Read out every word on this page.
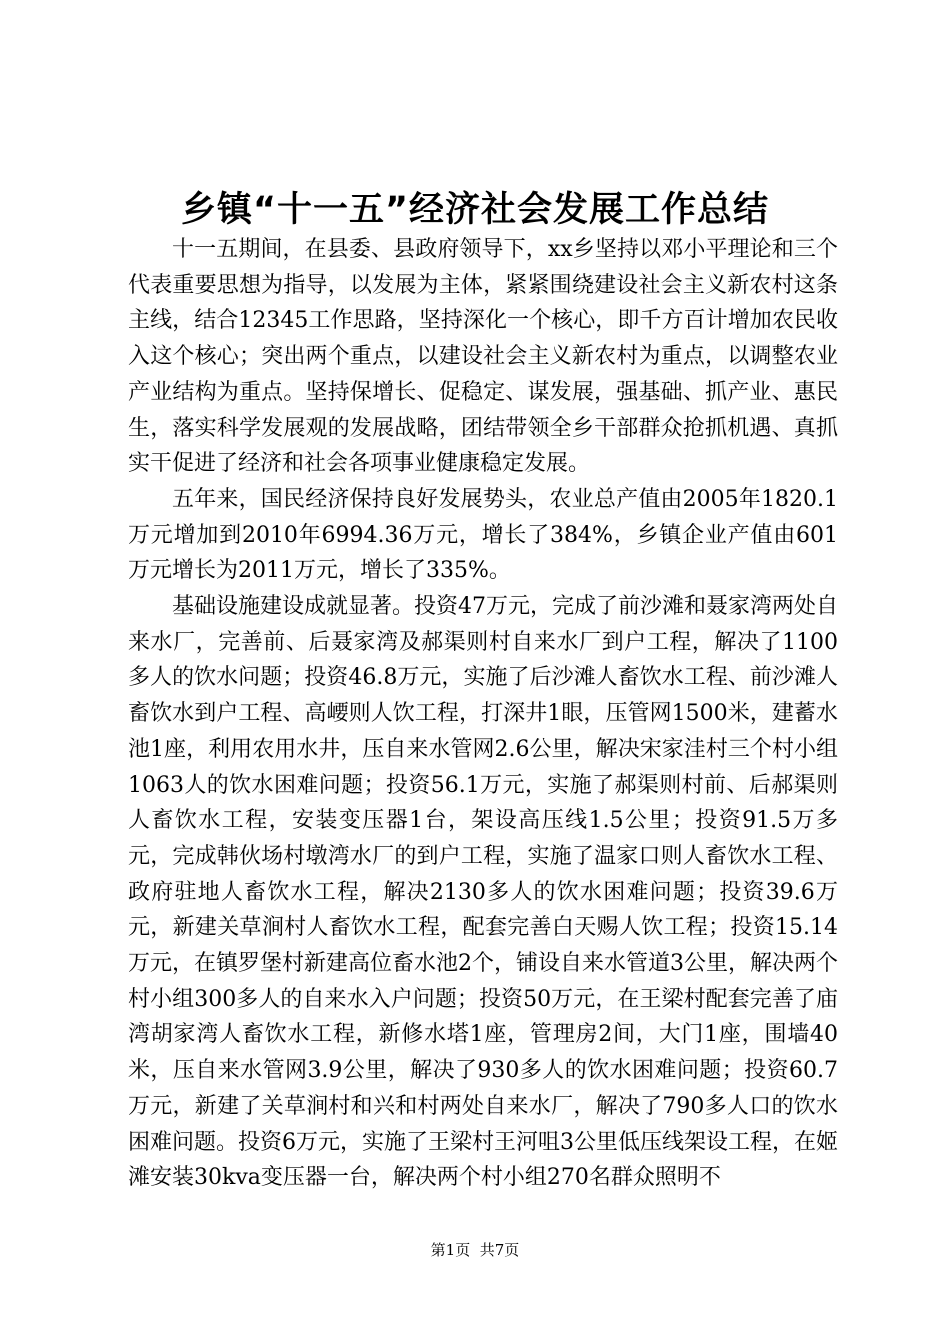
乡镇“十一五”经济社会发展工作总结

十一五期间，在县委、县政府领导下，xx乡坚持以邓小平理论和三个代表重要思想为指导，以发展为主体，紧紧围绕建设社会主义新农村这条主线，结合12345工作思路，坚持深化一个核心，即千方百计增加农民收入这个核心；突出两个重点，以建设社会主义新农村为重点，以调整农业产业结构为重点。坚持保增长、促稳定、谋发展，强基础、抓产业、惠民生，落实科学发展观的发展战略，团结带领全乡干部群众抢抓机遇、真抓实干促进了经济和社会各项事业健康稳定发展。

五年来，国民经济保持良好发展势头，农业总产值由2005年1820.1万元增加到2010年6994.36万元，增长了384%，乡镇企业产值由601万元增长为2011万元，增长了335%。

基础设施建设成就显著。投资47万元，完成了前沙滩和聂家湾两处自来水厂，完善前、后聂家湾及郝渠则村自来水厂到户工程，解决了1100多人的饮水问题；投资46.8万元，实施了后沙滩人畜饮水工程、前沙滩人畜饮水到户工程、高崾则人饮工程，打深井1眼，压管网1500米，建蓄水池1座，利用农用水井，压自来水管网2.6公里，解决宋家洼村三个村小组1063人的饮水困难问题；投资56.1万元，实施了郝渠则村前、后郝渠则人畜饮水工程，安装变压器1台，架设高压线1.5公里；投资91.5万多元，完成韩伙场村墩湾水厂的到户工程，实施了温家口则人畜饮水工程、政府驻地人畜饮水工程，解决2130多人的饮水困难问题；投资39.6万元，新建关草涧村人畜饮水工程，配套完善白天赐人饮工程；投资15.14万元，在镇罗堡村新建高位畜水池2个，铺设自来水管道3公里，解决两个村小组300多人的自来水入户问题；投资50万元，在王梁村配套完善了庙湾胡家湾人畜饮水工程，新修水塔1座，管理房2间，大门1座，围墙40米，压自来水管网3.9公里，解决了930多人的饮水困难问题；投资60.7万元，新建了关草涧村和兴和村两处自来水厂，解决了790多人口的饮水困难问题。投资6万元，实施了王梁村王河咀3公里低压线架设工程，在姬滩安装30kva变压器一台，解决两个村小组270名群众照明不

第1页 共7页
